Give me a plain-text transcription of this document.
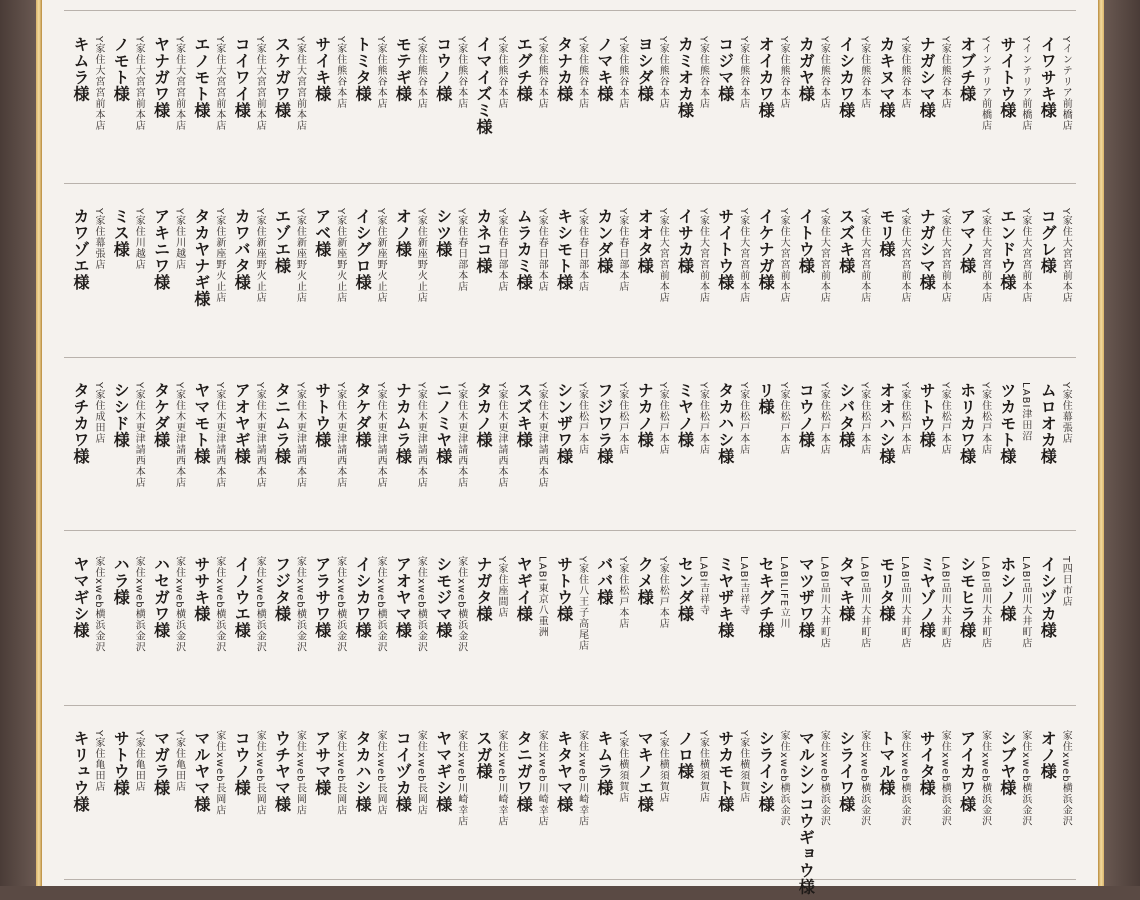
キムラ様 Y家住大宮宮前本店 ノモト様 Y家住大宮宮前本店 ヤナガワ様 Y家住大宮宮前本店 エノモト様 Y家住大宮宮前本店 コイワイ様 Y家住大宮宮前本店 スケガワ様 Y家住大宮宮前本店 サイキ様 Y家住熊谷本店 トミタ様 Y家住熊谷本店 モテギ様 Y家住熊谷本店 コウノ様 Y家住熊谷本店 イマイズミ様 Y家住熊谷本店 エグチ様 Y家住熊谷本店 タナカ様 Y家住熊谷本店 ノマキ様 Y家住熊谷本店 ヨシダ様 Y家住熊谷本店 カミオカ様 Y家住熊谷本店 コジマ様 Y家住熊谷本店 オイカワ様 Y家住熊谷本店 カガヤ様 Y家住熊谷本店 イシカワ様 Y家住熊谷本店 カキヌマ様 Y家住熊谷本店 ナガシマ様 Y家住熊谷本店 オブチ様 Yインテリア前橋店 サイトウ様 Yインテリア前橋店 イワサキ様 Yインテリア前橋店
カワゾエ様 Y家住幕張店 ミス様 Y家住川越店 アキニワ様 Y家住川越店 タカヤナギ様 Y家住新座野火止店 カワバタ様 Y家住新座野火止店 エゾエ様 Y家住新座野火止店 アベ様 Y家住新座野火止店 イシグロ様 Y家住新座野火止店 オノ様 Y家住新座野火止店 シツ様 Y家住春日部本店 カネコ様 Y家住春日部本店 ムラカミ様 Y家住春日部本店 キシモト様 Y家住春日部本店 カンダ様 Y家住春日部本店 オオタ様 Y家住大宮宮前本店 イサカ様 Y家住大宮宮前本店 サイトウ様 Y家住大宮宮前本店 イケナガ様 Y家住大宮宮前本店 イトウ様 Y家住大宮宮前本店 スズキ様 Y家住大宮宮前本店 モリ様 Y家住大宮宮前本店 ナガシマ様 Y家住大宮宮前本店 アマノ様 Y家住大宮宮前本店 エンドウ様 Y家住大宮宮前本店 コグレ様 Y家住大宮宮前本店
タチカワ様 Y家住成田店 シシド様 Y家住木更津請西本店 タケダ様 Y家住木更津請西本店 ヤマモト様 Y家住木更津請西本店 アオヤギ様 Y家住木更津請西本店 タニムラ様 Y家住木更津請西本店 サトウ様 Y家住木更津請西本店 タケダ様 Y家住木更津請西本店 ナカムラ様 Y家住木更津請西本店 ニノミヤ様 Y家住木更津請西本店 タカノ様 Y家住木更津請西本店 スズキ様 Y家住木更津請西本店 シンザワ様 Y家住松戸本店 フジワラ様 Y家住松戸本店 ナカノ様 Y家住松戸本店 ミヤノ様 Y家住松戸本店 タカハシ様 Y家住松戸本店 リ様 Y家住松戸本店 コウノ様 Y家住松戸本店 シバタ様 Y家住松戸本店 オオハシ様 Y家住松戸本店 サトウ様 Y家住松戸本店 ホリカワ様 Y家住松戸本店 ツカモト様 LABI津田沼 ムロオカ様 Y家住幕張店
ヤマギシ様 家住xweb横浜金沢 ハラ様 家住xweb横浜金沢 ハセガワ様 家住xweb横浜金沢 ササキ様 家住xweb横浜金沢 イノウエ様 家住xweb横浜金沢 フジタ様 家住xweb横浜金沢 アラサワ様 家住xweb横浜金沢 イシカワ様 家住xweb横浜金沢 アオヤマ様 家住xweb横浜金沢 シモジマ様 家住xweb横浜金沢 ナガタ様 Y家住座間店 ヤギイ様 LABI東京八重洲 サトウ様 Y家住八王子高尾店 ババ様 Y家住松戸本店 クメ様 Y家住松戸本店 センダ様 LABI吉祥寺 ミヤザキ様 LABI吉祥寺 セキグチ様 LABILIFE立川 マツザワ様 LABI品川大井町店 タマキ様 LABI品川大井町店 モリタ様 LABI品川大井町店 ミヤゾノ様 LABI品川大井町店 シモヒラ様 LABI品川大井町店 ホシノ様 LABI品川大井町店 イシヅカ様 T四日市店
キリュウ様 Y家住亀田店 サトウ様 Y家住亀田店 マガラ様 Y家住亀田店 マルヤマ様 家住xweb長岡店 コウノ様 家住xweb長岡店 ウチヤマ様 家住xweb長岡店 アサマ様 家住xweb長岡店 タカハシ様 家住xweb長岡店 コイヅカ様 家住xweb長岡店 ヤマギシ様 家住xweb川崎幸店 スガ様 家住xweb川崎幸店 タニガワ様 家住xweb川崎幸店 キタヤマ様 家住xweb川崎幸店 キムラ様 Y家住横須賀店 マキノエ様 Y家住横須賀店 ノロ様 Y家住横須賀店 サカモト様 Y家住横須賀店 シライシ様 家住xweb横浜金沢 マルシンコウギョウ様 家住xweb横浜金沢 シライワ様 家住xweb横浜金沢 トマル様 家住xweb横浜金沢 サイタ様 家住xweb横浜金沢 アイカワ様 家住xweb横浜金沢 シブヤ様 家住xweb横浜金沢 オノ様 家住xweb横浜金沢
